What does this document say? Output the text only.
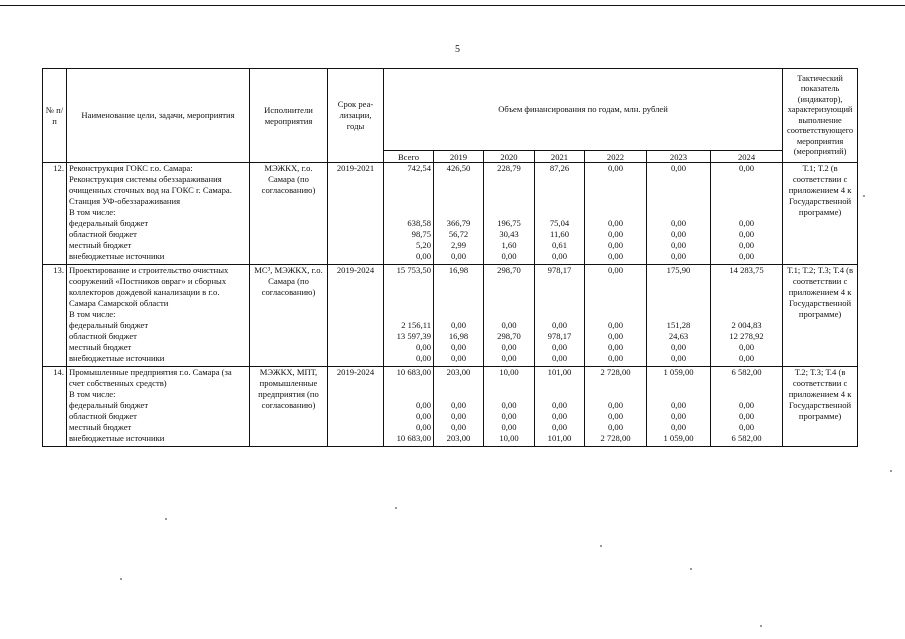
5
№ п/п	Наименование цели, задачи, мероприятия	Исполнители мероприятия	Срок реа-лизации, годы	Объем финансирования по годам, млн. рублей							Тактический показатель (индикатор), характеризующий выполнение соответствующего мероприятия (мероприятий)
				Всего	2019	2020	2021	2022	2023	2024	
12.	Реконструкция ГОКС г.о. Самара: Реконструкция системы обеззараживания очищенных сточных вод на ГОКС г. Самара. Станция УФ-обеззараживания	МЭЖКХ, г.о. Самара (по согласованию)	2019-2021	742,54	426,50	228,79	87,26	0,00	0,00	0,00	Т.1; Т.2 (в соответствии с приложением 4 к Государственной программе)
	В том числе:										
	федеральный бюджет			638,58	366,79	196,75	75,04	0,00	0,00	0,00	
	областной бюджет			98,75	56,72	30,43	11,60	0,00	0,00	0,00	
	местный бюджет			5,20	2,99	1,60	0,61	0,00	0,00	0,00	
	внебюджетные источники			0,00	0,00	0,00	0,00	0,00	0,00	0,00	
13.	Проектирование и строительство очистных сооружений «Постников овраг» и сборных коллекторов дождевой канализации в г.о. Самара Самарской области	МС³, МЭЖКХ, г.о. Самара (по согласованию)	2019-2024	15 753,50	16,98	298,70	978,17	0,00	175,90	14 283,75	Т.1; Т.2; Т.3; Т.4 (в соответствии с приложением 4 к Государственной программе)
	В том числе:										
	федеральный бюджет			2 156,11	0,00	0,00	0,00	0,00	151,28	2 004,83	
	областной бюджет			13 597,39	16,98	298,70	978,17	0,00	24,63	12 278,92	
	местный бюджет			0,00	0,00	0,00	0,00	0,00	0,00	0,00	
	внебюджетные источники			0,00	0,00	0,00	0,00	0,00	0,00	0,00	
14.	Промышленные предприятия г.о. Самара (за счет собственных средств)	МЭЖКХ, МПТ, промышленные предприятия (по согласованию)	2019-2024	10 683,00	203,00	10,00	101,00	2 728,00	1 059,00	6 582,00	Т.2; Т.3; Т.4 (в соответствии с приложением 4 к Государственной программе)
	В том числе:										
	федеральный бюджет			0,00	0,00	0,00	0,00	0,00	0,00	0,00	
	областной бюджет			0,00	0,00	0,00	0,00	0,00	0,00	0,00	
	местный бюджет			0,00	0,00	0,00	0,00	0,00	0,00	0,00	
	внебюджетные источники			10 683,00	203,00	10,00	101,00	2 728,00	1 059,00	6 582,00	
